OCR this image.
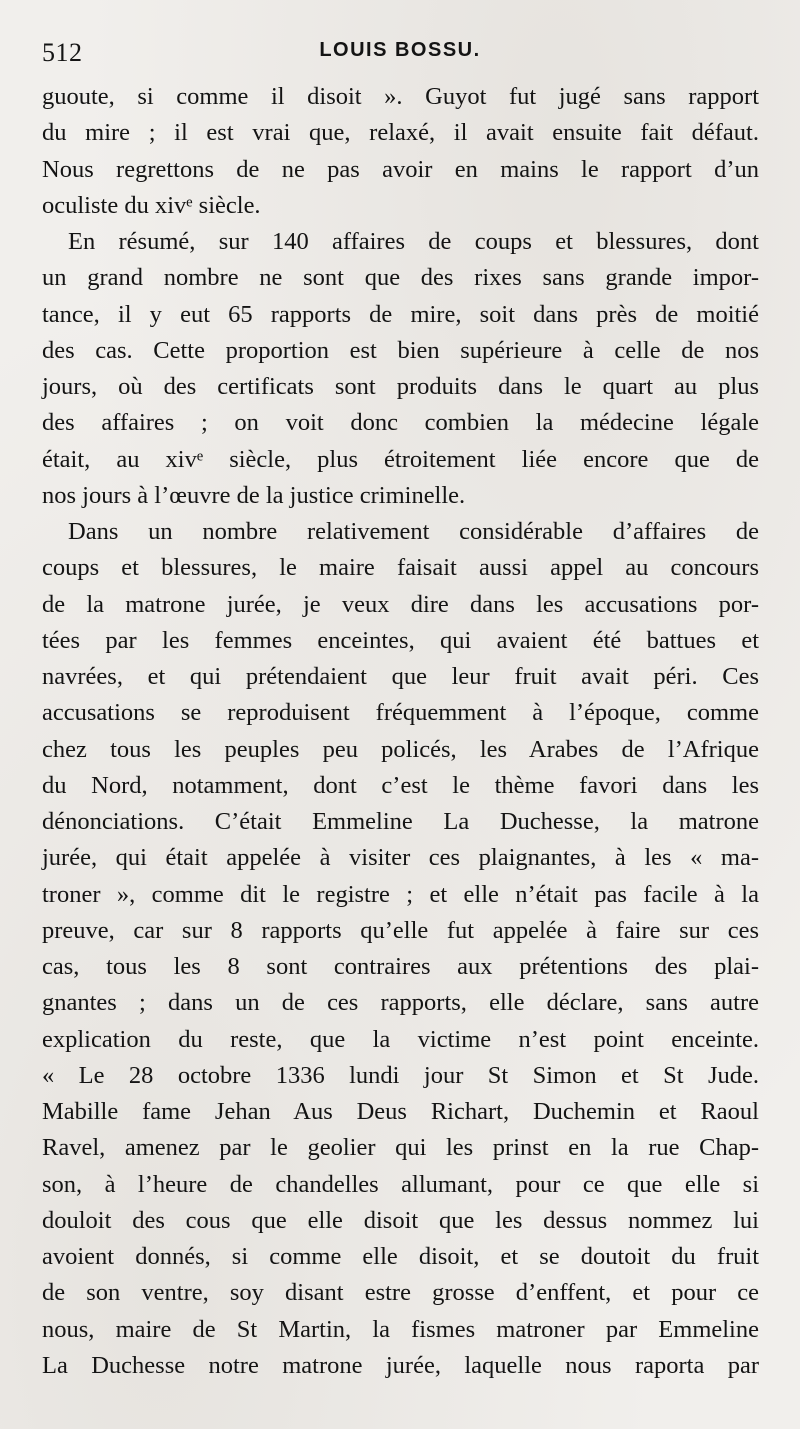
512	LOUIS BOSSU.
guoute, si comme il disoit ». Guyot fut jugé sans rapport
du mire ; il est vrai que, relaxé, il avait ensuite fait défaut.
Nous regrettons de ne pas avoir en mains le rapport d’un
oculiste du xivᵉ siècle.
En résumé, sur 140 affaires de coups et blessures, dont
un grand nombre ne sont que des rixes sans grande impor-
tance, il y eut 65 rapports de mire, soit dans près de moitié
des cas. Cette proportion est bien supérieure à celle de nos
jours, où des certificats sont produits dans le quart au plus
des affaires ; on voit donc combien la médecine légale
était, au xivᵉ siècle, plus étroitement liée encore que de
nos jours à l’œuvre de la justice criminelle.
Dans un nombre relativement considérable d’affaires de
coups et blessures, le maire faisait aussi appel au concours
de la matrone jurée, je veux dire dans les accusations por-
tées par les femmes enceintes, qui avaient été battues et
navrées, et qui prétendaient que leur fruit avait péri. Ces
accusations se reproduisent fréquemment à l’époque, comme
chez tous les peuples peu policés, les Arabes de l’Afrique
du Nord, notamment, dont c’est le thème favori dans les
dénonciations. C’était Emmeline La Duchesse, la matrone
jurée, qui était appelée à visiter ces plaignantes, à les « ma-
troner », comme dit le registre ; et elle n’était pas facile à la
preuve, car sur 8 rapports qu’elle fut appelée à faire sur ces
cas, tous les 8 sont contraires aux prétentions des plai-
gnantes ; dans un de ces rapports, elle déclare, sans autre
explication du reste, que la victime n’est point enceinte.
« Le 28 octobre 1336 lundi jour St Simon et St Jude.
Mabille fame Jehan Aus Deus Richart, Duchemin et Raoul
Ravel, amenez par le geolier qui les prinst en la rue Chap-
son, à l’heure de chandelles allumant, pour ce que elle si
douloit des cous que elle disoit que les dessus nommez lui
avoient donnés, si comme elle disoit, et se doutoit du fruit
de son ventre, soy disant estre grosse d’enffent, et pour ce
nous, maire de St Martin, la fismes matroner par Emmeline
La Duchesse notre matrone jurée, laquelle nous raporta par
